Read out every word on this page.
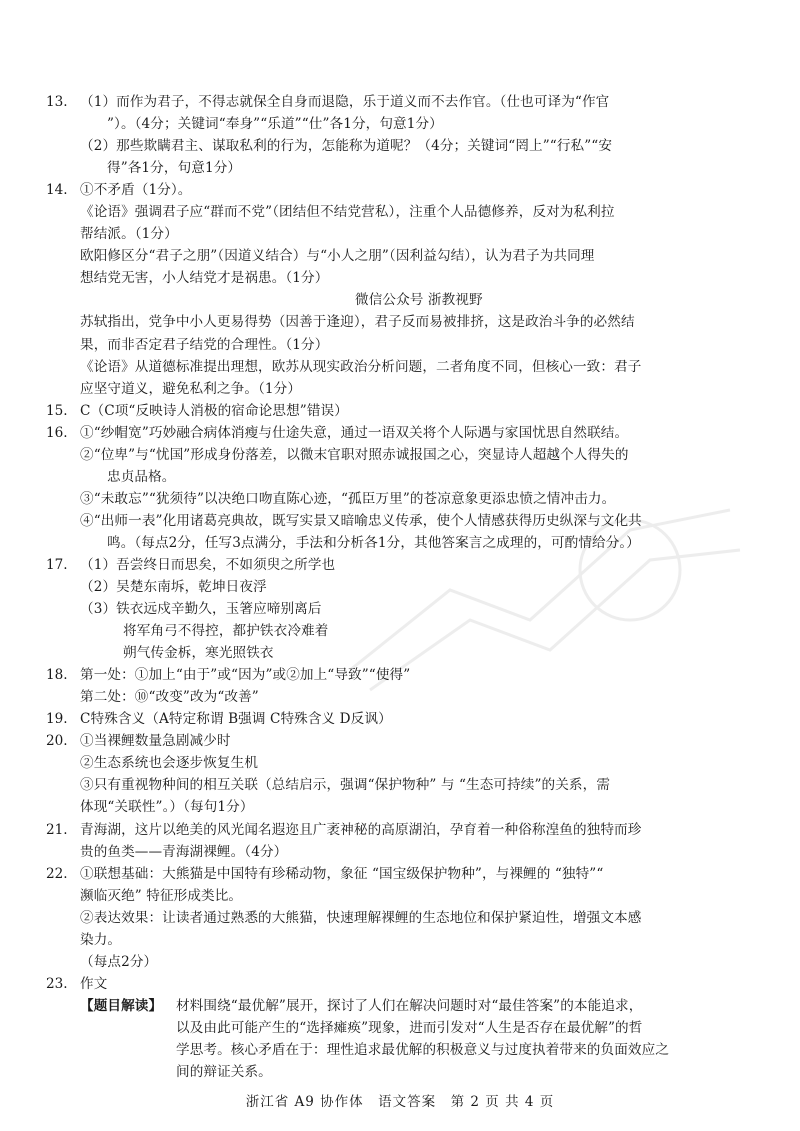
13. （1）而作为君子，不得志就保全自身而退隐，乐于道义而不去作官。（仕也可译为“作官
”）。（4分；关键词“奉身”“乐道”“仕”各1分，句意1分）
（2）那些欺瞒君主、谋取私利的行为，怎能称为道呢？（4分；关键词“罔上”“行私”“安
得”各1分，句意1分）
14. ①不矛盾（1分）。
《论语》强调君子应“群而不党”（团结但不结党营私），注重个人品德修养，反对为私利拉
帮结派。（1分）
欧阳修区分“君子之朋”（因道义结合）与“小人之朋”（因利益勾结），认为君子为共同理
想结党无害，小人结党才是祸患。（1分）
微信公众号 浙教视野
苏轼指出，党争中小人更易得势（因善于逢迎），君子反而易被排挤，这是政治斗争的必然结
果，而非否定君子结党的合理性。（1分）
《论语》从道德标准提出理想，欧苏从现实政治分析问题，二者角度不同，但核心一致：君子
应坚守道义，避免私利之争。（1分）
15. C（C项“反映诗人消极的宿命论思想”错误）
16. ①“纱帽宽”巧妙融合病体消瘦与仕途失意，通过一语双关将个人际遇与家国忧思自然联结。
②“位卑”与“忧国”形成身份落差，以微末官职对照赤诚报国之心，突显诗人超越个人得失的
忠贞品格。
③“未敢忘”“犹须待”以决绝口吻直陈心迹，“孤臣万里”的苍凉意象更添忠愤之情冲击力。
④“出师一表”化用诸葛亮典故，既写实景又暗喻忠义传承，使个人情感获得历史纵深与文化共
鸣。（每点2分，任写3点满分，手法和分析各1分，其他答案言之成理的，可酌情给分。）
17. （1）吾尝终日而思矣，不如须臾之所学也
（2）吴楚东南坼，乾坤日夜浮
（3）铁衣远戍辛勤久，玉箸应啼别离后
将军角弓不得控，都护铁衣冷难着
朔气传金柝，寒光照铁衣
18. 第一处：①加上“由于”或“因为”或②加上“导致”“使得”
第二处：⑩“改变”改为“改善”
19. C特殊含义（A特定称谓 B强调 C特殊含义 D反讽）
20. ①当裸鲤数量急剧减少时
②生态系统也会逐步恢复生机
③只有重视物种间的相互关联（总结启示，强调“保护物种” 与 “生态可持续”的关系，需
体现“关联性”。）（每句1分）
21. 青海湖，这片以绝美的风光闻名遐迩且广袤神秘的高原湖泊，孕育着一种俗称湟鱼的独特而珍
贵的鱼类——青海湖裸鲤。（4分）
22. ①联想基础：大熊猫是中国特有珍稀动物，象征 “国宝级保护物种”，与裸鲤的 “独特”“
濒临灭绝” 特征形成类比。
②表达效果：让读者通过熟悉的大熊猫，快速理解裸鲤的生态地位和保护紧迫性，增强文本感
染力。
（每点2分）
浙江省 A9 协作体　语文答案　第 2 页 共 4 页
23. 作文
【题目解读】 材料围绕“最优解”展开，探讨了人们在解决问题时对“最佳答案”的本能追求，
以及由此可能产生的“选择瘫痪”现象，进而引发对“人生是否存在最优解”的哲
学思考。核心矛盾在于：理性追求最优解的积极意义与过度执着带来的负面效应之
间的辩证关系。
